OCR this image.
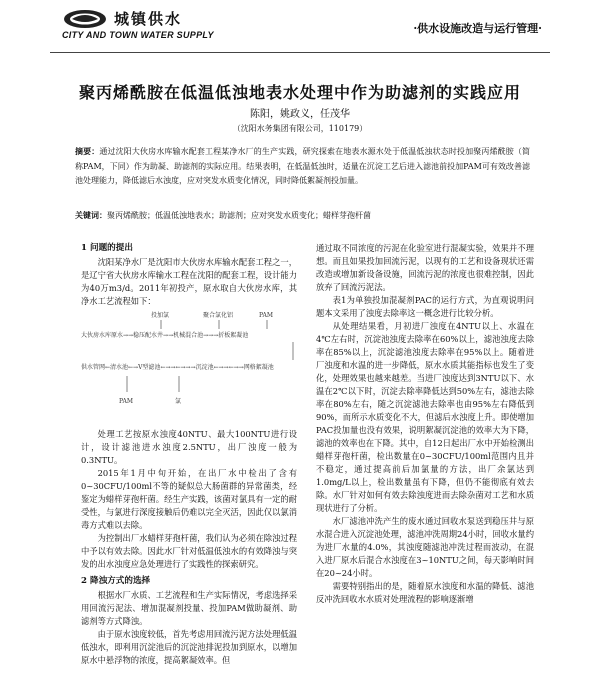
城镇供水
CITY AND TOWN WATER SUPPLY	·供水设施改造与运行管理·
聚丙烯酰胺在低温低浊地表水处理中作为助滤剂的实践应用
陈阳，姚政义，任茂华
（沈阳水务集团有限公司，110179）
摘要：通过沈阳大伙房水库输水配套工程某净水厂的生产实践，研究探索在地表水源水处于低温低浊状态时投加聚丙烯酰胺（简称PAM，下同）作为助凝、助滤剂的实际应用。结果表明，在低温低浊时，适量在沉淀工艺后进入滤池前投加PAM可有效改善滤池处理能力，降低滤后水浊度，应对突发水质变化情况，同时降低絮凝剂投加量。
关键词：聚丙烯酰胺；低温低浊地表水；助滤剂；应对突发水质变化；蜡样芽孢杆菌
1 问题的提出

沈阳某净水厂是沈阳市大伙房水库输水配套工程之一，是辽宁省大伙房水库输水工程在沈阳的配套工程，设计能力为40万m3/d。2011年初投产，原水取自大伙房水库，其净水工艺流程如下：

投加氯	聚合氯化铝	PAM
大伙房水库原水→→稳压配水井→→机械混合池→→→折板絮凝池
供水管网←清水池←→V型滤池←→→←→→→沉淀池←→→←→→网格絮凝池
PAM	氯

处理工艺按原水浊度40NTU、最大100NTU进行设计，设计滤池进水浊度2.5NTU，出厂浊度一般为0.3NTU。

2015年1月中旬开始，在出厂水中检出了含有0~30CFU/100ml不等的疑似总大肠菌群的异常菌类，经鉴定为蜡样芽孢杆菌。经生产实践，该菌对氯具有一定的耐受性，与氯进行深度接触后仍难以完全灭活，因此仅以氯消毒方式难以去除。

为控制出厂水蜡样芽孢杆菌，我们认为必须在除浊过程中予以有效去除。因此水厂针对低温低浊水的有效降浊与突发的出水浊度应急处理进行了实践性的探索研究。

2 降浊方式的选择

根据水厂水质、工艺流程和生产实际情况，考虑选择采用回流污泥法、增加混凝剂投量、投加PAM做助凝剂、助滤剂等方式降浊。

由于原水浊度较低，首先考虑用回流污泥方法处理低温低浊水，即利用沉淀池后的沉淀池排泥投加到原水，以增加原水中悬浮物的浓度，提高絮凝效率。但

通过取不同浓度的污泥在化验室进行混凝实验，效果并不理想。而且如果投加回流污泥，以现有的工艺和设备现状还需改造或增加新设备设施，回流污泥的浓度也很难控制，因此放弃了回流污泥法。

表1为单独投加混凝剂PAC的运行方式，为直观说明问题本文采用了浊度去除率这一概念进行比较分析。

从处理结果看，月初进厂浊度在4NTU以上、水温在4℃左右时，沉淀池浊度去除率在60%以上，滤池浊度去除率在85%以上，沉淀滤池浊度去除率在95%以上。随着进厂浊度和水温的进一步降低，原水水质其能指标也发生了变化，处理效果也越来越差。当进厂浊度达到3NTU以下、水温在2℃以下时，沉淀去除率降低达到50%左右，滤池去除率在80%左右，随之沉淀滤池去除率也由95%左右降低到90%，而所示水质变化不大，但滤后水浊度上升。即使增加PAC投加量也没有效果，说明絮凝沉淀池的效率大为下降，滤池的效率也在下降。其中，自12日起出厂水中开始检测出蜡样芽孢杆菌，检出数量在0~30CFU/100ml范围内且并不稳定，通过提高前后加氯量的方法，出厂余氯达到1.0mg/L以上，检出数量虽有下降，但仍不能彻底有效去除。水厂针对如何有效去除浊度进而去除杂菌对工艺和水质现状进行了分析。

水厂滤池冲洗产生的废水通过回收水泵送到稳压井与原水混合进入沉淀池处理，滤池冲洗周期24小时，回收水量约为进厂水量的4.0%，其浊度随滤池冲洗过程而波动，在混入进厂原水后混合水浊度在3~10NTU之间，每天影响时间在20~24小时。

需要特别指出的是，随着原水浊度和水温的降低、滤池反冲洗回收水水质对处理流程的影响逐渐增
